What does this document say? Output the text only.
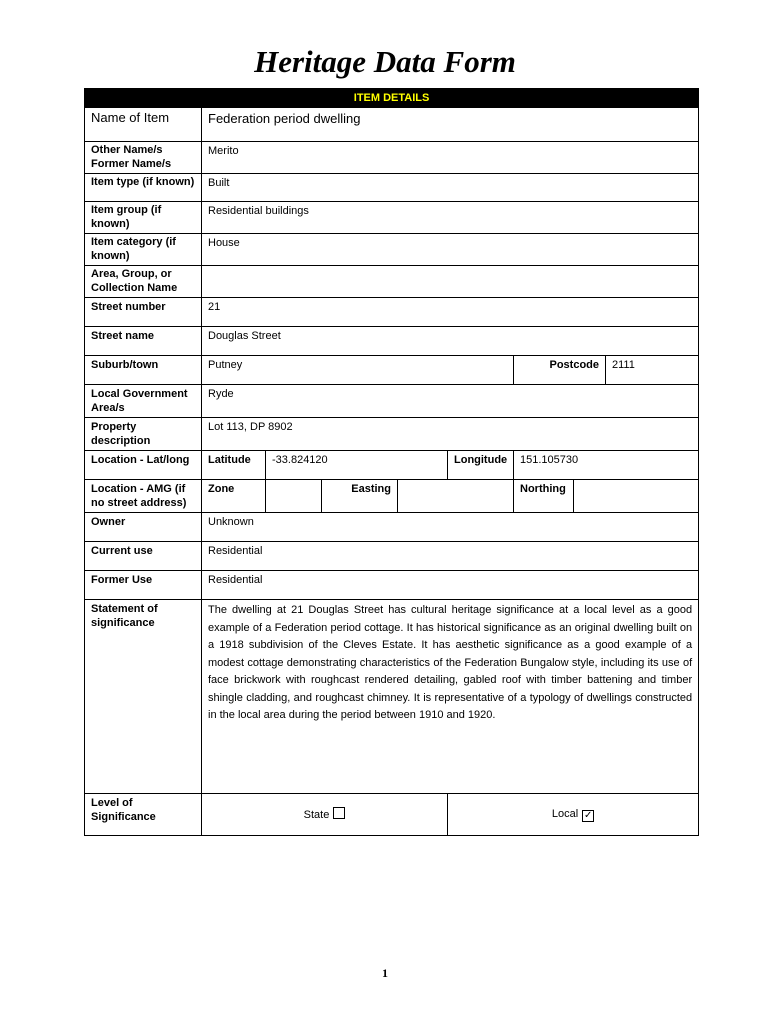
Heritage Data Form
ITEM DETAILS								
Name of Item	Federation period dwelling							
Other Name/s Former Name/s	Merito							
Item type (if known)	Built							
Item group (if known)	Residential buildings							
Item category (if known)	House							
Area, Group, or Collection Name								
Street number	21							
Street name	Douglas Street							
Suburb/town	Putney					Postcode		2111
Local Government Area/s	Ryde							
Property description	Lot 113, DP 8902							
Location - Lat/long	Latitude	-33.824120			Longitude	151.105730		
Location - AMG (if no street address)	Zone		Easting			Northing		
Owner	Unknown							
Current use	Residential							
Former Use	Residential							
Statement of significance	The dwelling at 21 Douglas Street has cultural heritage significance at a local level as a good example of a Federation period cottage. It has historical significance as an original dwelling built on a 1918 subdivision of the Cleves Estate. It has aesthetic significance as a good example of a modest cottage demonstrating characteristics of the Federation Bungalow style, including its use of face brickwork with roughcast rendered detailing, gabled roof with timber battening and timber shingle cladding, and roughcast chimney. It is representative of a typology of dwellings constructed in the local area during the period between 1910 and 1920.							
Level of Significance	State				Local ✓			
1
